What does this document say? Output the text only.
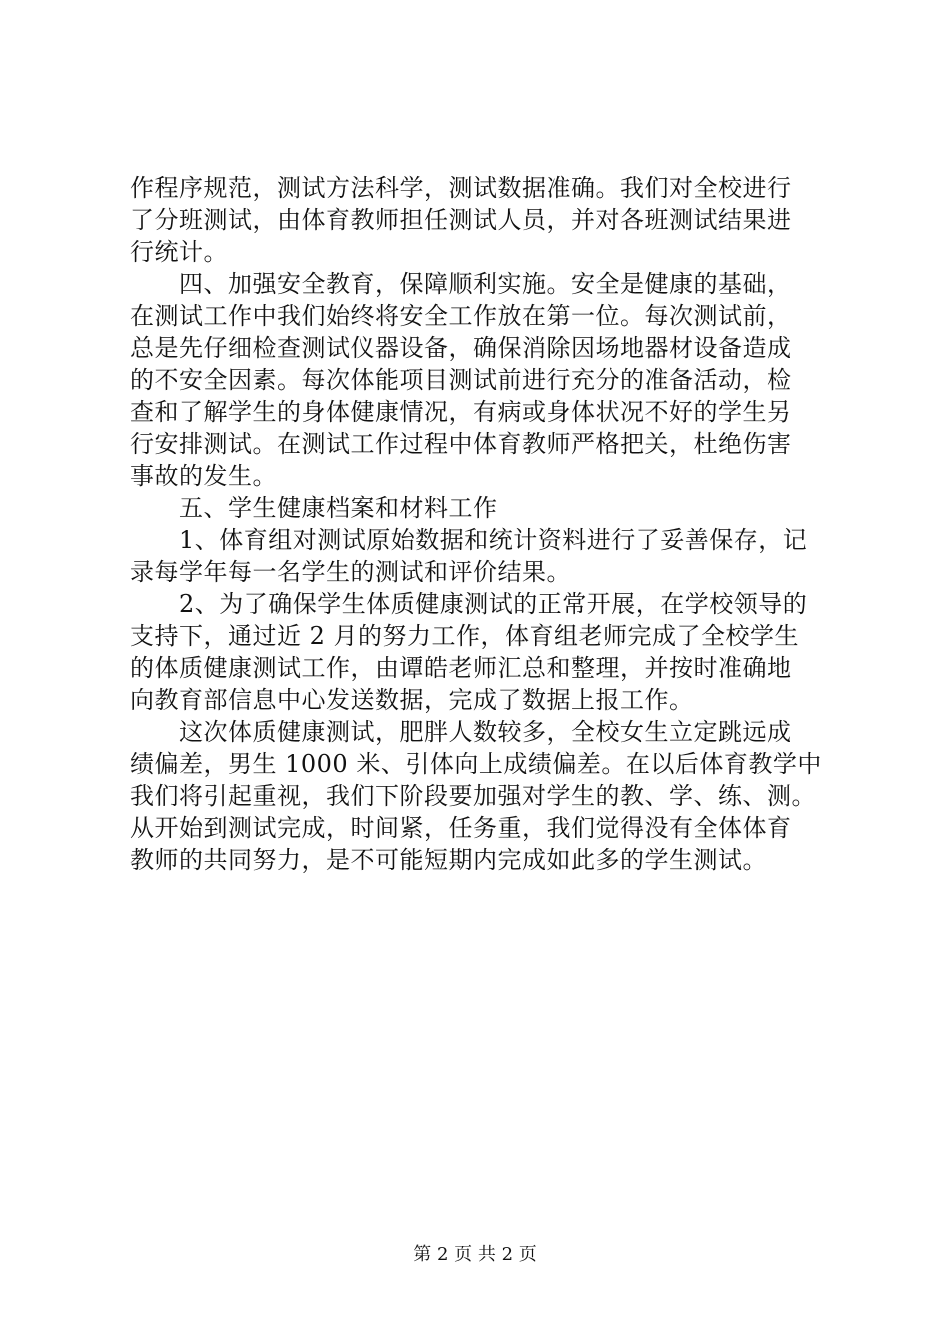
作程序规范，测试方法科学，测试数据准确。我们对全校进行
了分班测试，由体育教师担任测试人员，并对各班测试结果进
行统计。
　　四、加强安全教育，保障顺利实施。安全是健康的基础，
在测试工作中我们始终将安全工作放在第一位。每次测试前，
总是先仔细检查测试仪器设备，确保消除因场地器材设备造成
的不安全因素。每次体能项目测试前进行充分的准备活动，检
查和了解学生的身体健康情况，有病或身体状况不好的学生另
行安排测试。在测试工作过程中体育教师严格把关，杜绝伤害
事故的发生。
　　五、学生健康档案和材料工作
　　1、体育组对测试原始数据和统计资料进行了妥善保存，记
录每学年每一名学生的测试和评价结果。
　　2、为了确保学生体质健康测试的正常开展，在学校领导的
支持下，通过近 2 月的努力工作，体育组老师完成了全校学生
的体质健康测试工作，由谭皓老师汇总和整理，并按时准确地
向教育部信息中心发送数据，完成了数据上报工作。
　　这次体质健康测试，肥胖人数较多，全校女生立定跳远成
绩偏差，男生 1000 米、引体向上成绩偏差。在以后体育教学中
我们将引起重视，我们下阶段要加强对学生的教、学、练、测。
从开始到测试完成，时间紧，任务重，我们觉得没有全体体育
教师的共同努力，是不可能短期内完成如此多的学生测试。
第 2 页 共 2 页
